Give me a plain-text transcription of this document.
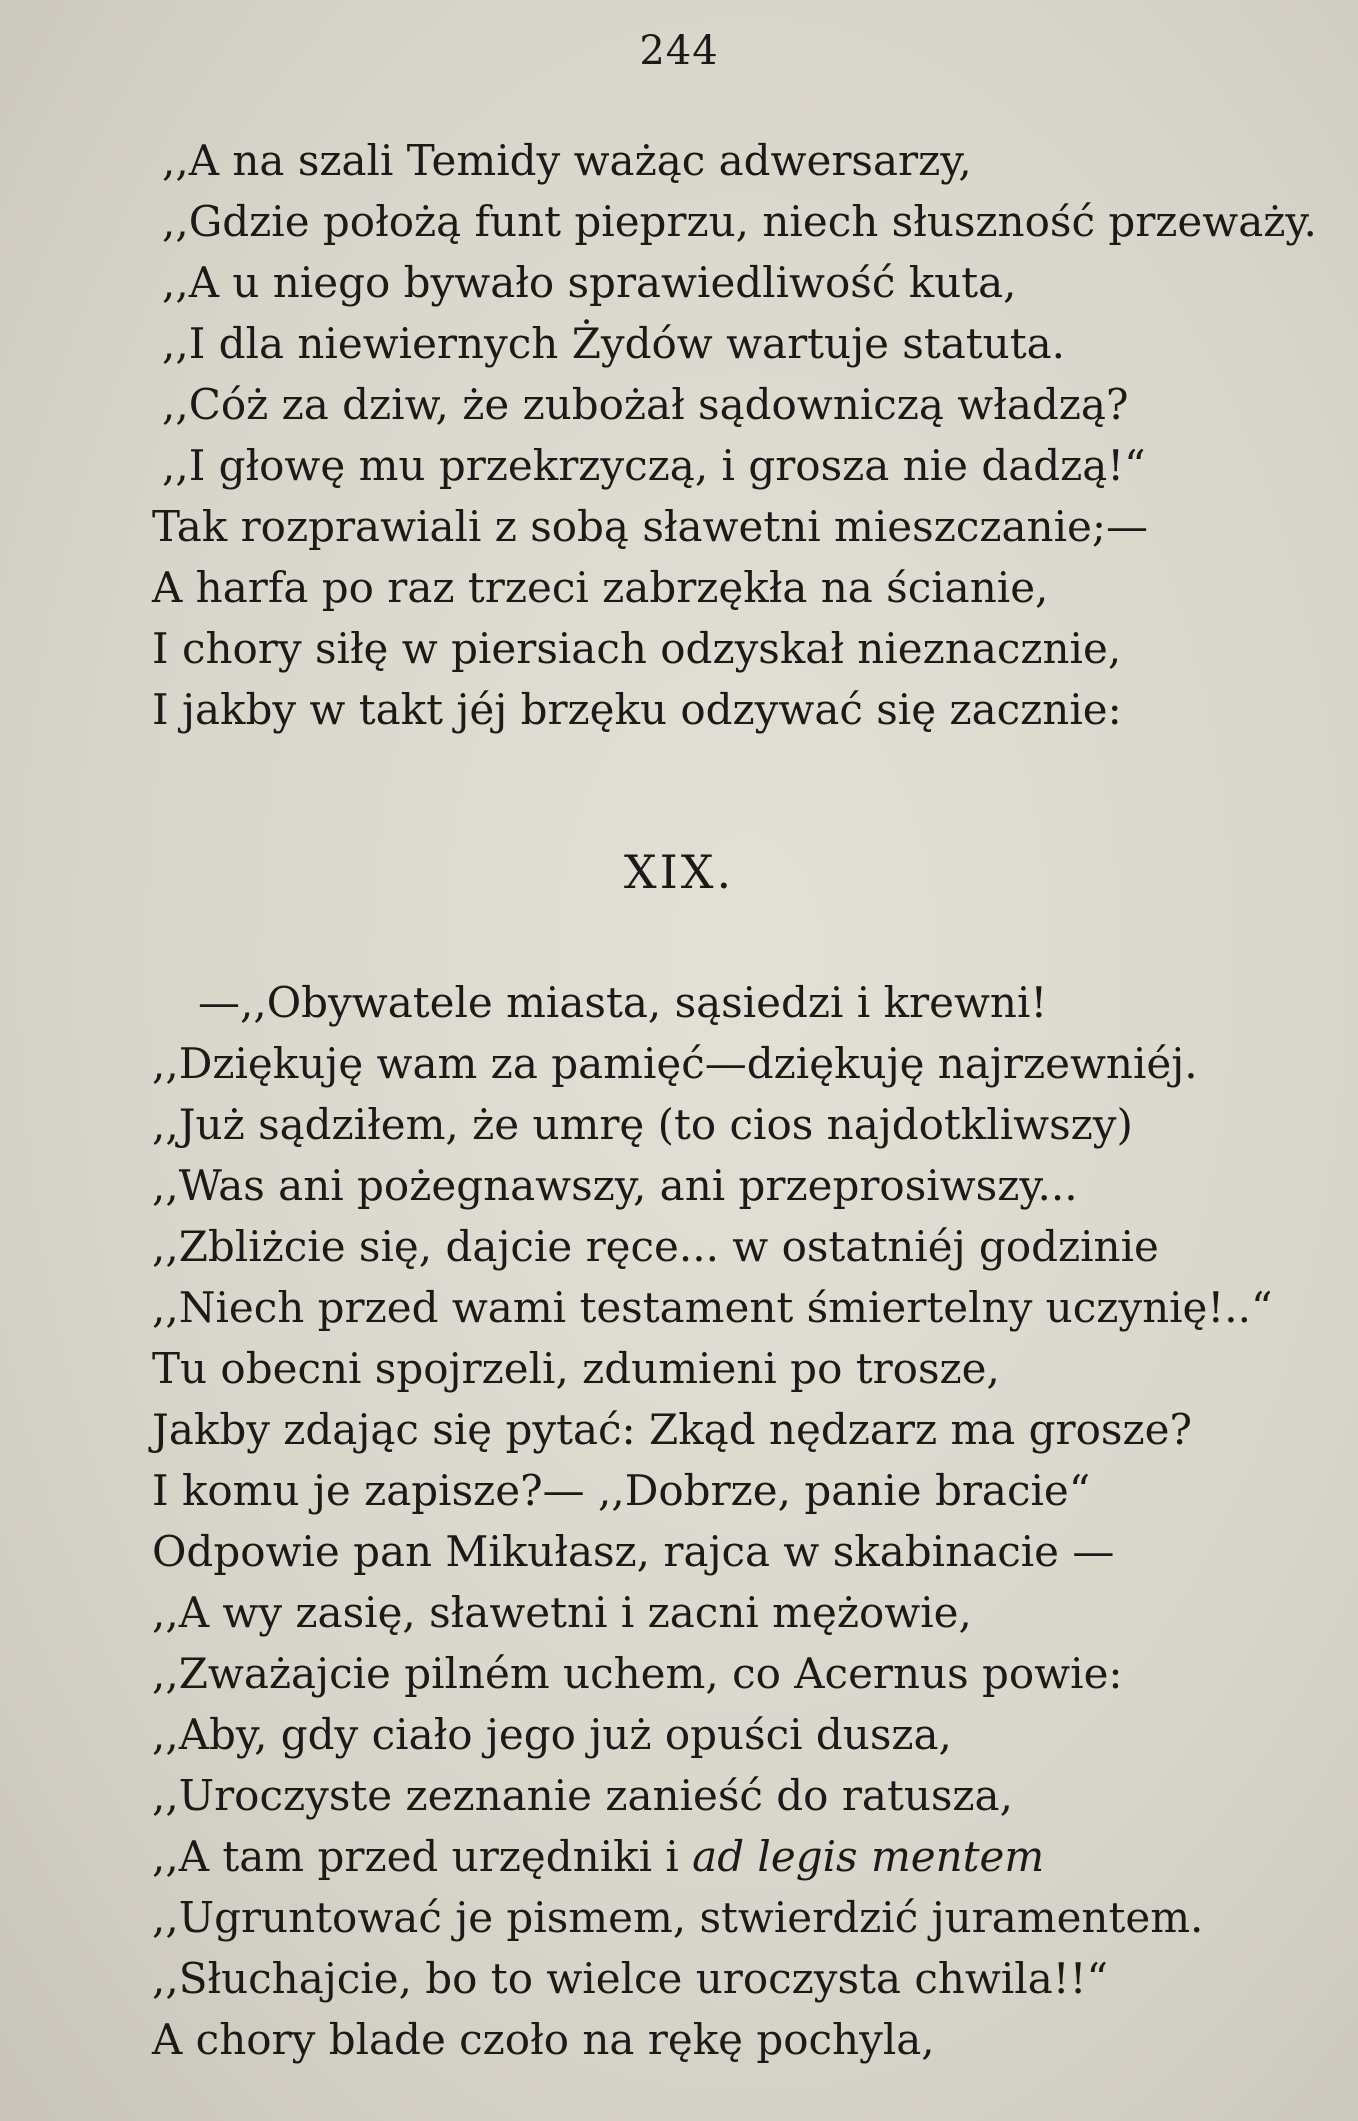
244
,,A na szali Temidy ważąc adwersarzy,
,,Gdzie położą funt pieprzu, niech słuszność przeważy.
,,A u niego bywało sprawiedliwość kuta,
,,I dla niewiernych Żydów wartuje statuta.
,,Cóż za dziw, że zubożał sądowniczą władzą?
,,I głowę mu przekrzyczą, i grosza nie dadzą!“
Tak rozprawiali z sobą sławetni mieszczanie;—
A harfa po raz trzeci zabrzękła na ścianie,
I chory siłę w piersiach odzyskał nieznacznie,
I jakby w takt jéj brzęku odzywać się zacznie:
XIX.
—,,Obywatele miasta, sąsiedzi i krewni!
,,Dziękuję wam za pamięć—dziękuję najrzewniéj.
,,Już sądziłem, że umrę (to cios najdotkliwszy)
,,Was ani pożegnawszy, ani przeprosiwszy...
,,Zbliżcie się, dajcie ręce... w ostatniéj godzinie
,,Niech przed wami testament śmiertelny uczynię!..“
Tu obecni spojrzeli, zdumieni po trosze,
Jakby zdając się pytać: Zkąd nędzarz ma grosze?
I komu je zapisze?— ,,Dobrze, panie bracie“
Odpowie pan Mikułasz, rajca w skabinacie —
,,A wy zasię, sławetni i zacni mężowie,
,,Zważajcie pilném uchem, co Acernus powie:
,,Aby, gdy ciało jego już opuści dusza,
,,Uroczyste zeznanie zanieść do ratusza,
,,A tam przed urzędniki i ad legis mentem
,,Ugruntować je pismem, stwierdzić juramentem.
,,Słuchajcie, bo to wielce uroczysta chwila!!“
A chory blade czoło na rękę pochyla,
